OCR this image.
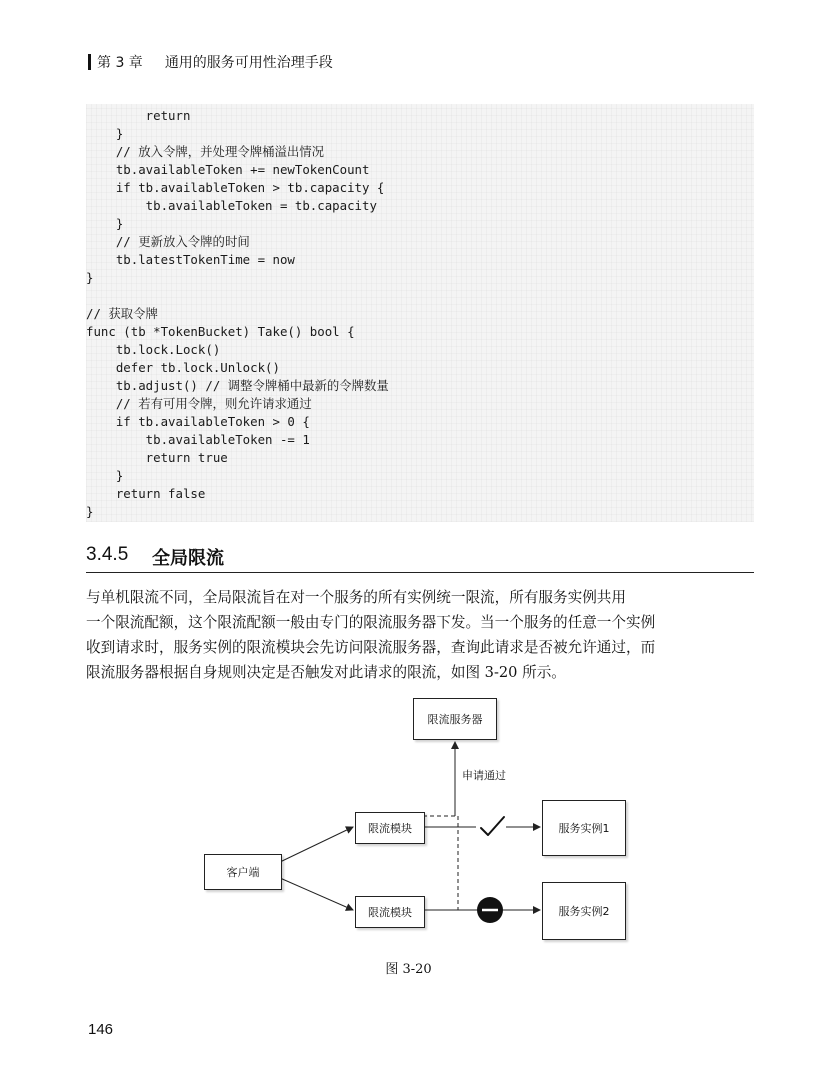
第 3 章 通用的服务可用性治理手段
return
}
// 放入令牌，并处理令牌桶溢出情况
tb.availableToken += newTokenCount
if tb.availableToken > tb.capacity {
tb.availableToken = tb.capacity
}
// 更新放入令牌的时间
tb.latestTokenTime = now
}
// 获取令牌
func (tb *TokenBucket) Take() bool {
tb.lock.Lock()
defer tb.lock.Unlock()
tb.adjust() // 调整令牌桶中最新的令牌数量
// 若有可用令牌，则允许请求通过
if tb.availableToken > 0 {
tb.availableToken -= 1
return true
}
return false
}
3.4.5 全局限流
与单机限流不同，全局限流旨在对一个服务的所有实例统一限流，所有服务实例共用
一个限流配额，这个限流配额一般由专门的限流服务器下发。当一个服务的任意一个实例
收到请求时，服务实例的限流模块会先访问限流服务器，查询此请求是否被允许通过，而
限流服务器根据自身规则决定是否触发对此请求的限流，如图 3-20 所示。
限流服务器
申请通过
限流模块
客户端
限流模块
服务实例1
服务实例2
图 3-20
146
